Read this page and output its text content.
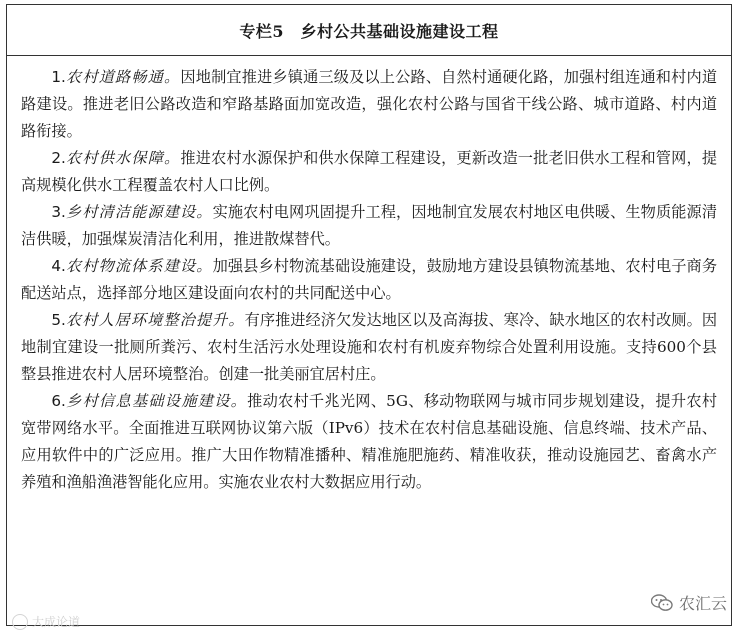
专栏5　乡村公共基础设施建设工程

1.农村道路畅通。因地制宜推进乡镇通三级及以上公路、自然村通硬化路，加强村组连通和村内道路建设。推进老旧公路改造和窄路基路面加宽改造，强化农村公路与国省干线公路、城市道路、村内道路衔接。

2.农村供水保障。推进农村水源保护和供水保障工程建设，更新改造一批老旧供水工程和管网，提高规模化供水工程覆盖农村人口比例。

3.乡村清洁能源建设。实施农村电网巩固提升工程，因地制宜发展农村地区电供暖、生物质能源清洁供暖，加强煤炭清洁化利用，推进散煤替代。

4.农村物流体系建设。加强县乡村物流基础设施建设，鼓励地方建设县镇物流基地、农村电子商务配送站点，选择部分地区建设面向农村的共同配送中心。

5.农村人居环境整治提升。有序推进经济欠发达地区以及高海拔、寒冷、缺水地区的农村改厕。因地制宜建设一批厕所粪污、农村生活污水处理设施和农村有机废弃物综合处置利用设施。支持600个县整县推进农村人居环境整治。创建一批美丽宜居村庄。

6.乡村信息基础设施建设。推动农村千兆光网、5G、移动物联网与城市同步规划建设，提升农村宽带网络水平。全面推进互联网协议第六版（IPv6）技术在农村信息基础设施、信息终端、技术产品、应用软件中的广泛应用。推广大田作物精准播种、精准施肥施药、精准收获，推动设施园艺、畜禽水产养殖和渔船渔港智能化应用。实施农业农村大数据应用行动。

大成论道
农汇云
